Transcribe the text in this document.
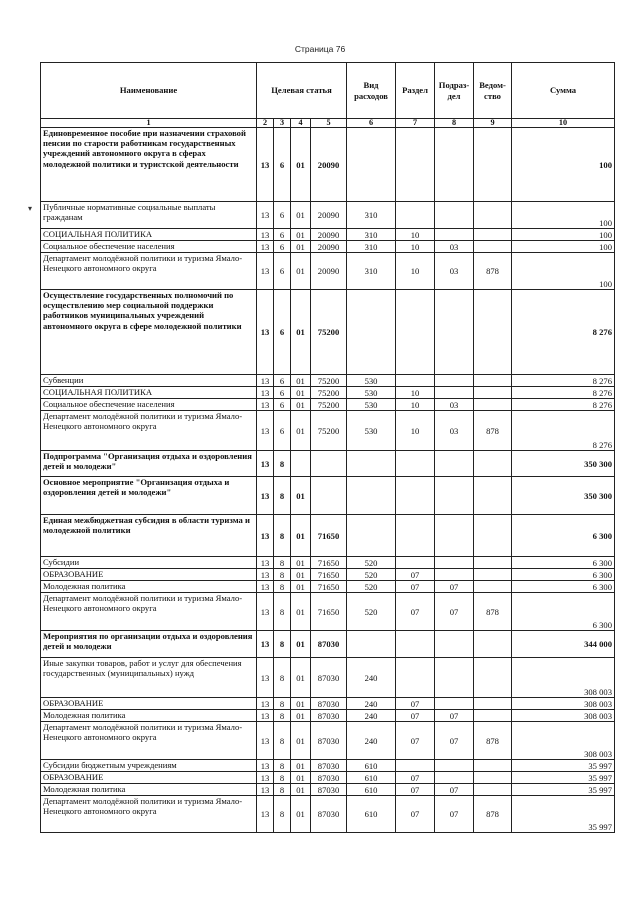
Страница 76
▾
Наименование	Целевая статья				Вид расходов	Раздел	Подраз-дел	Ведом-ство	Сумма
1	2	3	4	5	6	7	8	9	10
Единовременное пособие при назначении страховой пенсии по старости работникам государственных учреждений автономного округа в сферах молодежной политики и туристской деятельности	13	6	01	20090					100
Публичные нормативные социальные выплаты гражданам	13	6	01	20090	310				100
СОЦИАЛЬНАЯ ПОЛИТИКА	13	6	01	20090	310	10			100
Социальное обеспечение населения	13	6	01	20090	310	10	03		100
Департамент молодёжной политики и туризма Ямало-Ненецкого автономного округа	13	6	01	20090	310	10	03	878	100
Осуществление государственных полномочий по осуществлению мер социальной поддержки работников муниципальных учреждений автономного округа в сфере молодежной политики	13	6	01	75200					8 276
Субвенции	13	6	01	75200	530				8 276
СОЦИАЛЬНАЯ ПОЛИТИКА	13	6	01	75200	530	10			8 276
Социальное обеспечение населения	13	6	01	75200	530	10	03		8 276
Департамент молодёжной политики и туризма Ямало-Ненецкого автономного округа	13	6	01	75200	530	10	03	878	8 276
Подпрограмма "Организация отдыха и оздоровления детей и молодежи"	13	8							350 300
Основное мероприятие "Организация отдыха и оздоровления детей и молодежи"	13	8	01						350 300
Единая межбюджетная субсидия в области туризма и молодежной политики	13	8	01	71650					6 300
Субсидии	13	8	01	71650	520				6 300
ОБРАЗОВАНИЕ	13	8	01	71650	520	07			6 300
Молодежная политика	13	8	01	71650	520	07	07		6 300
Департамент молодёжной политики и туризма Ямало-Ненецкого автономного округа	13	8	01	71650	520	07	07	878	6 300
Мероприятия по организации отдыха и оздоровления детей и молодежи	13	8	01	87030					344 000
Иные закупки товаров, работ и услуг для обеспечения государственных (муниципальных) нужд	13	8	01	87030	240				308 003
ОБРАЗОВАНИЕ	13	8	01	87030	240	07			308 003
Молодежная политика	13	8	01	87030	240	07	07		308 003
Департамент молодёжной политики и туризма Ямало-Ненецкого автономного округа	13	8	01	87030	240	07	07	878	308 003
Субсидии бюджетным учреждениям	13	8	01	87030	610				35 997
ОБРАЗОВАНИЕ	13	8	01	87030	610	07			35 997
Молодежная политика	13	8	01	87030	610	07	07		35 997
Департамент молодёжной политики и туризма Ямало-Ненецкого автономного округа	13	8	01	87030	610	07	07	878	35 997
